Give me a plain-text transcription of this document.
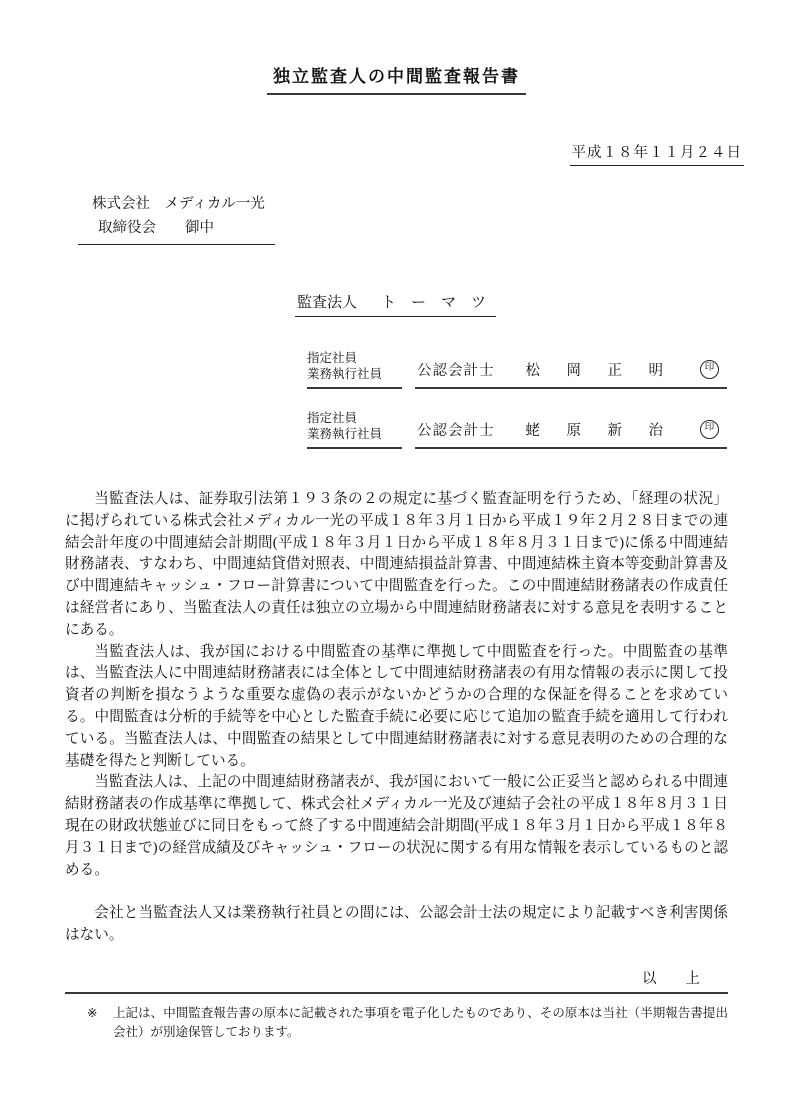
独立監査人の中間監査報告書
平成１８年１１月２４日
株式会社　メディカル一光
取締役会　　御中
監査法人 ト　ー　マ　ツ
指定社員
業務執行社員	公認会計士 松　岡　正　明	印
指定社員
業務執行社員	公認会計士 蛯　原　新　治	印

当監査法人は、証券取引法第１９３条の２の規定に基づく監査証明を行うため、「経理の状況」に掲げられている株式会社メディカル一光の平成１８年３月１日から平成１９年２月２８日までの連結会計年度の中間連結会計期間(平成１８年３月１日から平成１８年８月３１日まで)に係る中間連結財務諸表、すなわち、中間連結貸借対照表、中間連結損益計算書、中間連結株主資本等変動計算書及び中間連結キャッシュ・フロー計算書について中間監査を行った。この中間連結財務諸表の作成責任は経営者にあり、当監査法人の責任は独立の立場から中間連結財務諸表に対する意見を表明することにある。

当監査法人は、我が国における中間監査の基準に準拠して中間監査を行った。中間監査の基準は、当監査法人に中間連結財務諸表には全体として中間連結財務諸表の有用な情報の表示に関して投資者の判断を損なうような重要な虚偽の表示がないかどうかの合理的な保証を得ることを求めている。中間監査は分析的手続等を中心とした監査手続に必要に応じて追加の監査手続を適用して行われている。当監査法人は、中間監査の結果として中間連結財務諸表に対する意見表明のための合理的な基礎を得たと判断している。

当監査法人は、上記の中間連結財務諸表が、我が国において一般に公正妥当と認められる中間連結財務諸表の作成基準に準拠して、株式会社メディカル一光及び連結子会社の平成１８年８月３１日現在の財政状態並びに同日をもって終了する中間連結会計期間(平成１８年３月１日から平成１８年８月３１日まで)の経営成績及びキャッシュ・フローの状況に関する有用な情報を表示しているものと認める。

会社と当監査法人又は業務執行社員との間には、公認会計士法の規定により記載すべき利害関係はない。

以　　上
※	上記は、中間監査報告書の原本に記載された事項を電子化したものであり、その原本は当社（半期報告書提出会社）が別途保管しております。
